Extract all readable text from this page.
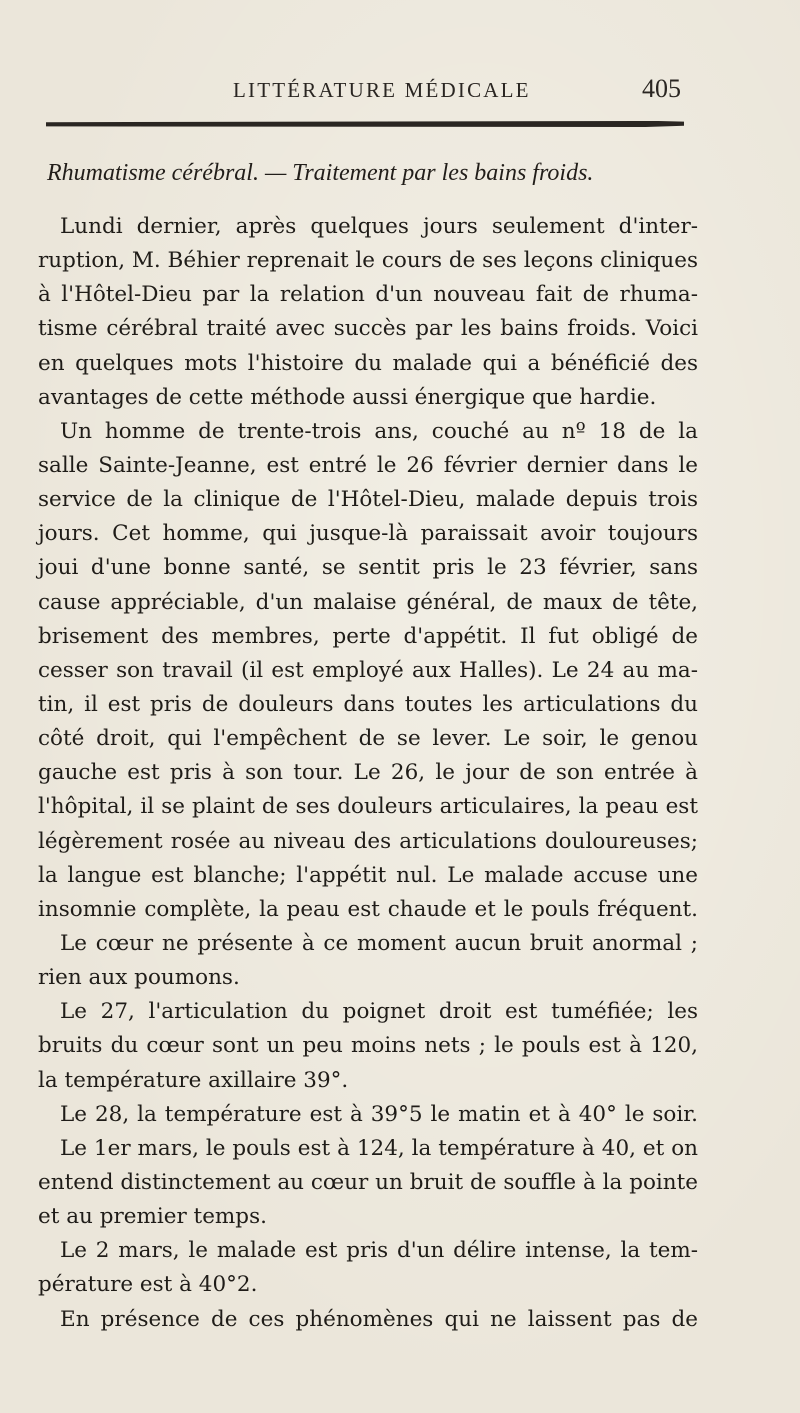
LITTÉRATURE MÉDICALE	405
Rhumatisme cérébral. — Traitement par les bains froids.
Lundi dernier, après quelques jours seulement d'inter-
ruption, M. Béhier reprenait le cours de ses leçons cliniques
à l'Hôtel-Dieu par la relation d'un nouveau fait de rhuma-
tisme cérébral traité avec succès par les bains froids. Voici
en quelques mots l'histoire du malade qui a bénéficié des
avantages de cette méthode aussi énergique que hardie.
Un homme de trente-trois ans, couché au nº 18 de la
salle Sainte-Jeanne, est entré le 26 février dernier dans le
service de la clinique de l'Hôtel-Dieu, malade depuis trois
jours. Cet homme, qui jusque-là paraissait avoir toujours
joui d'une bonne santé, se sentit pris le 23 février, sans
cause appréciable, d'un malaise général, de maux de tête,
brisement des membres, perte d'appétit. Il fut obligé de
cesser son travail (il est employé aux Halles). Le 24 au ma-
tin, il est pris de douleurs dans toutes les articulations du
côté droit, qui l'empêchent de se lever. Le soir, le genou
gauche est pris à son tour. Le 26, le jour de son entrée à
l'hôpital, il se plaint de ses douleurs articulaires, la peau est
légèrement rosée au niveau des articulations douloureuses;
la langue est blanche; l'appétit nul. Le malade accuse une
insomnie complète, la peau est chaude et le pouls fréquent.
Le cœur ne présente à ce moment aucun bruit anormal ;
rien aux poumons.
Le 27, l'articulation du poignet droit est tuméfiée; les
bruits du cœur sont un peu moins nets ; le pouls est à 120,
la température axillaire 39°.
Le 28, la température est à 39°5 le matin et à 40° le soir.
Le 1er mars, le pouls est à 124, la température à 40, et on
entend distinctement au cœur un bruit de souffle à la pointe
et au premier temps.
Le 2 mars, le malade est pris d'un délire intense, la tem-
pérature est à 40°2.
En présence de ces phénomènes qui ne laissent pas de
